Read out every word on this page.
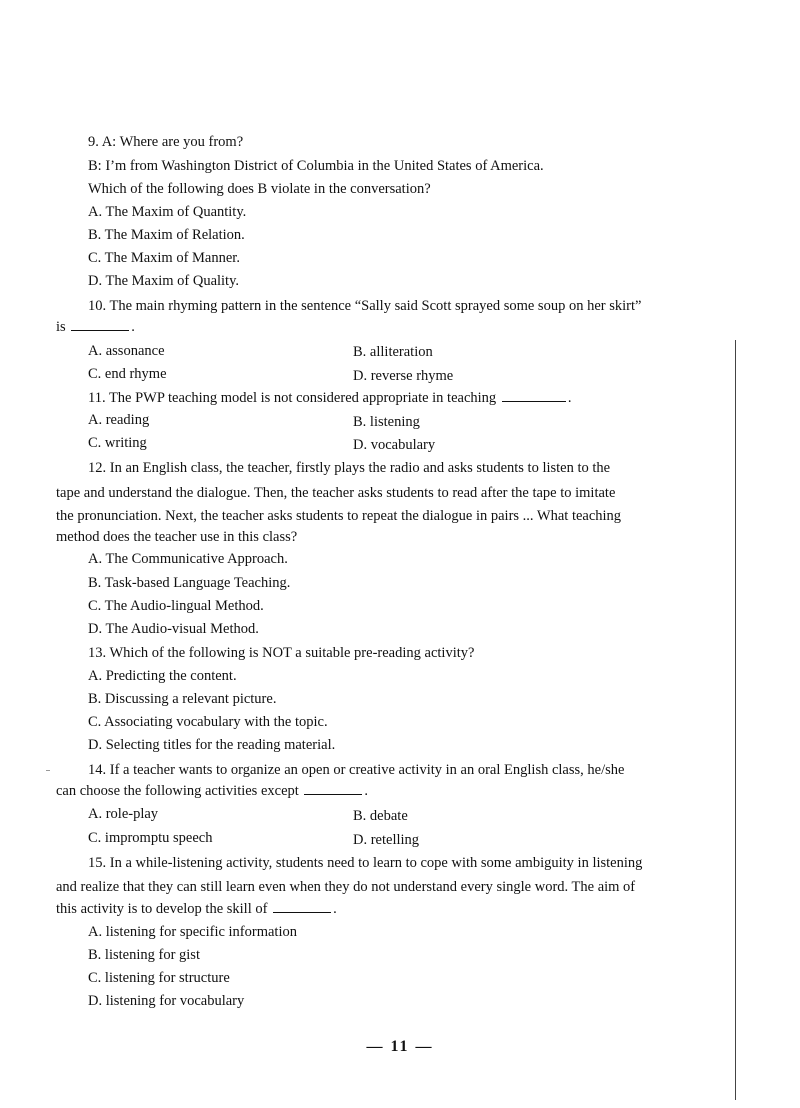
9. A: Where are you from?
B: I’m from Washington District of Columbia in the United States of America.
Which of the following does B violate in the conversation?
A. The Maxim of Quantity.
B. The Maxim of Relation.
C. The Maxim of Manner.
D. The Maxim of Quality.
10. The main rhyming pattern in the sentence “Sally said Scott sprayed some soup on her skirt”
is	.
A. assonance	B. alliteration
C. end rhyme	D. reverse rhyme
11. The PWP teaching model is not considered appropriate in teaching	.
A. reading	B. listening
C. writing	D. vocabulary
12. In an English class, the teacher, firstly plays the radio and asks students to listen to the
tape and understand the dialogue. Then, the teacher asks students to read after the tape to imitate
the pronunciation. Next, the teacher asks students to repeat the dialogue in pairs ... What teaching
method does the teacher use in this class?
A. The Communicative Approach.
B. Task-based Language Teaching.
C. The Audio-lingual Method.
D. The Audio-visual Method.
13. Which of the following is NOT a suitable pre-reading activity?
A. Predicting the content.
B. Discussing a relevant picture.
C. Associating vocabulary with the topic.
D. Selecting titles for the reading material.
14. If a teacher wants to organize an open or creative activity in an oral English class, he/she
can choose the following activities except	.
A. role-play	B. debate
C. impromptu speech	D. retelling
15. In a while-listening activity, students need to learn to cope with some ambiguity in listening
and realize that they can still learn even when they do not understand every single word. The aim of
this activity is to develop the skill of	.
A. listening for specific information
B. listening for gist
C. listening for structure
D. listening for vocabulary
— 11 —
